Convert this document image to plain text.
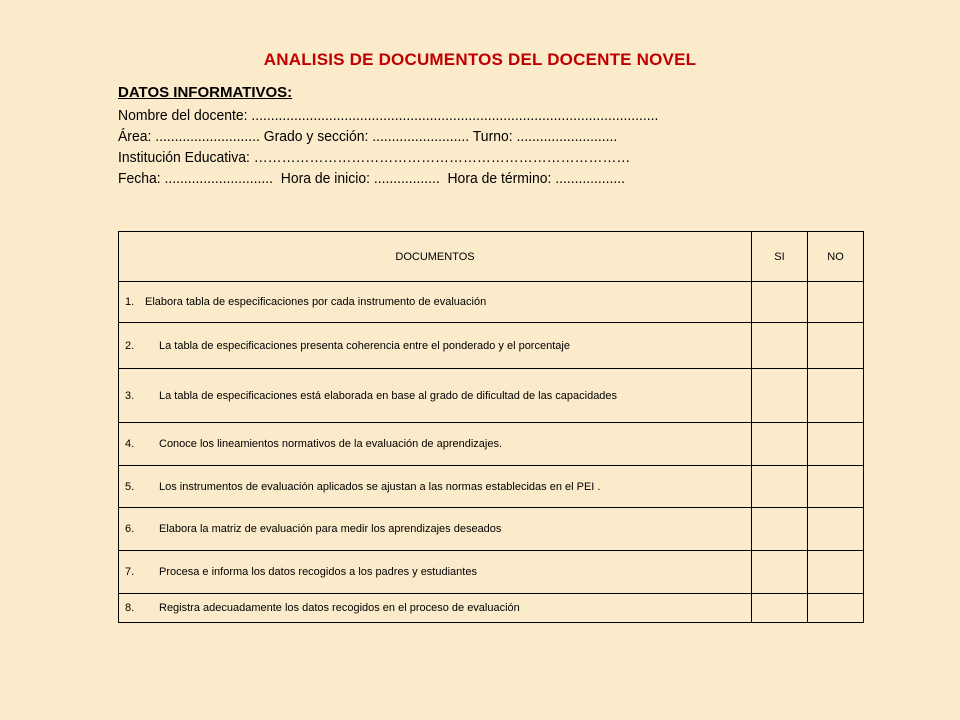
ANALISIS DE DOCUMENTOS DEL DOCENTE NOVEL
DATOS INFORMATIVOS:
Nombre del docente: .........................................................................................................
Área: ........................... Grado y sección: ......................... Turno: ..........................
Institución Educativa: ………………………………………………………………………
Fecha: ............................  Hora de inicio: .................  Hora de término: ..................
DOCUMENTOS	SI	NO

1. Elabora tabla de especificaciones por cada instrumento de evaluación		

2. La tabla de especificaciones presenta coherencia entre el ponderado y el porcentaje		

3. La tabla de especificaciones está elaborada en base al grado de dificultad de las capacidades		

4. Conoce los lineamientos normativos de la evaluación de aprendizajes.		

5. Los instrumentos de evaluación aplicados se ajustan a las normas establecidas en el PEI .		

6. Elabora la matriz de evaluación para medir los aprendizajes deseados		

7. Procesa e informa los datos recogidos a los padres y estudiantes		

8. Registra adecuadamente los datos recogidos en el proceso de evaluación		
